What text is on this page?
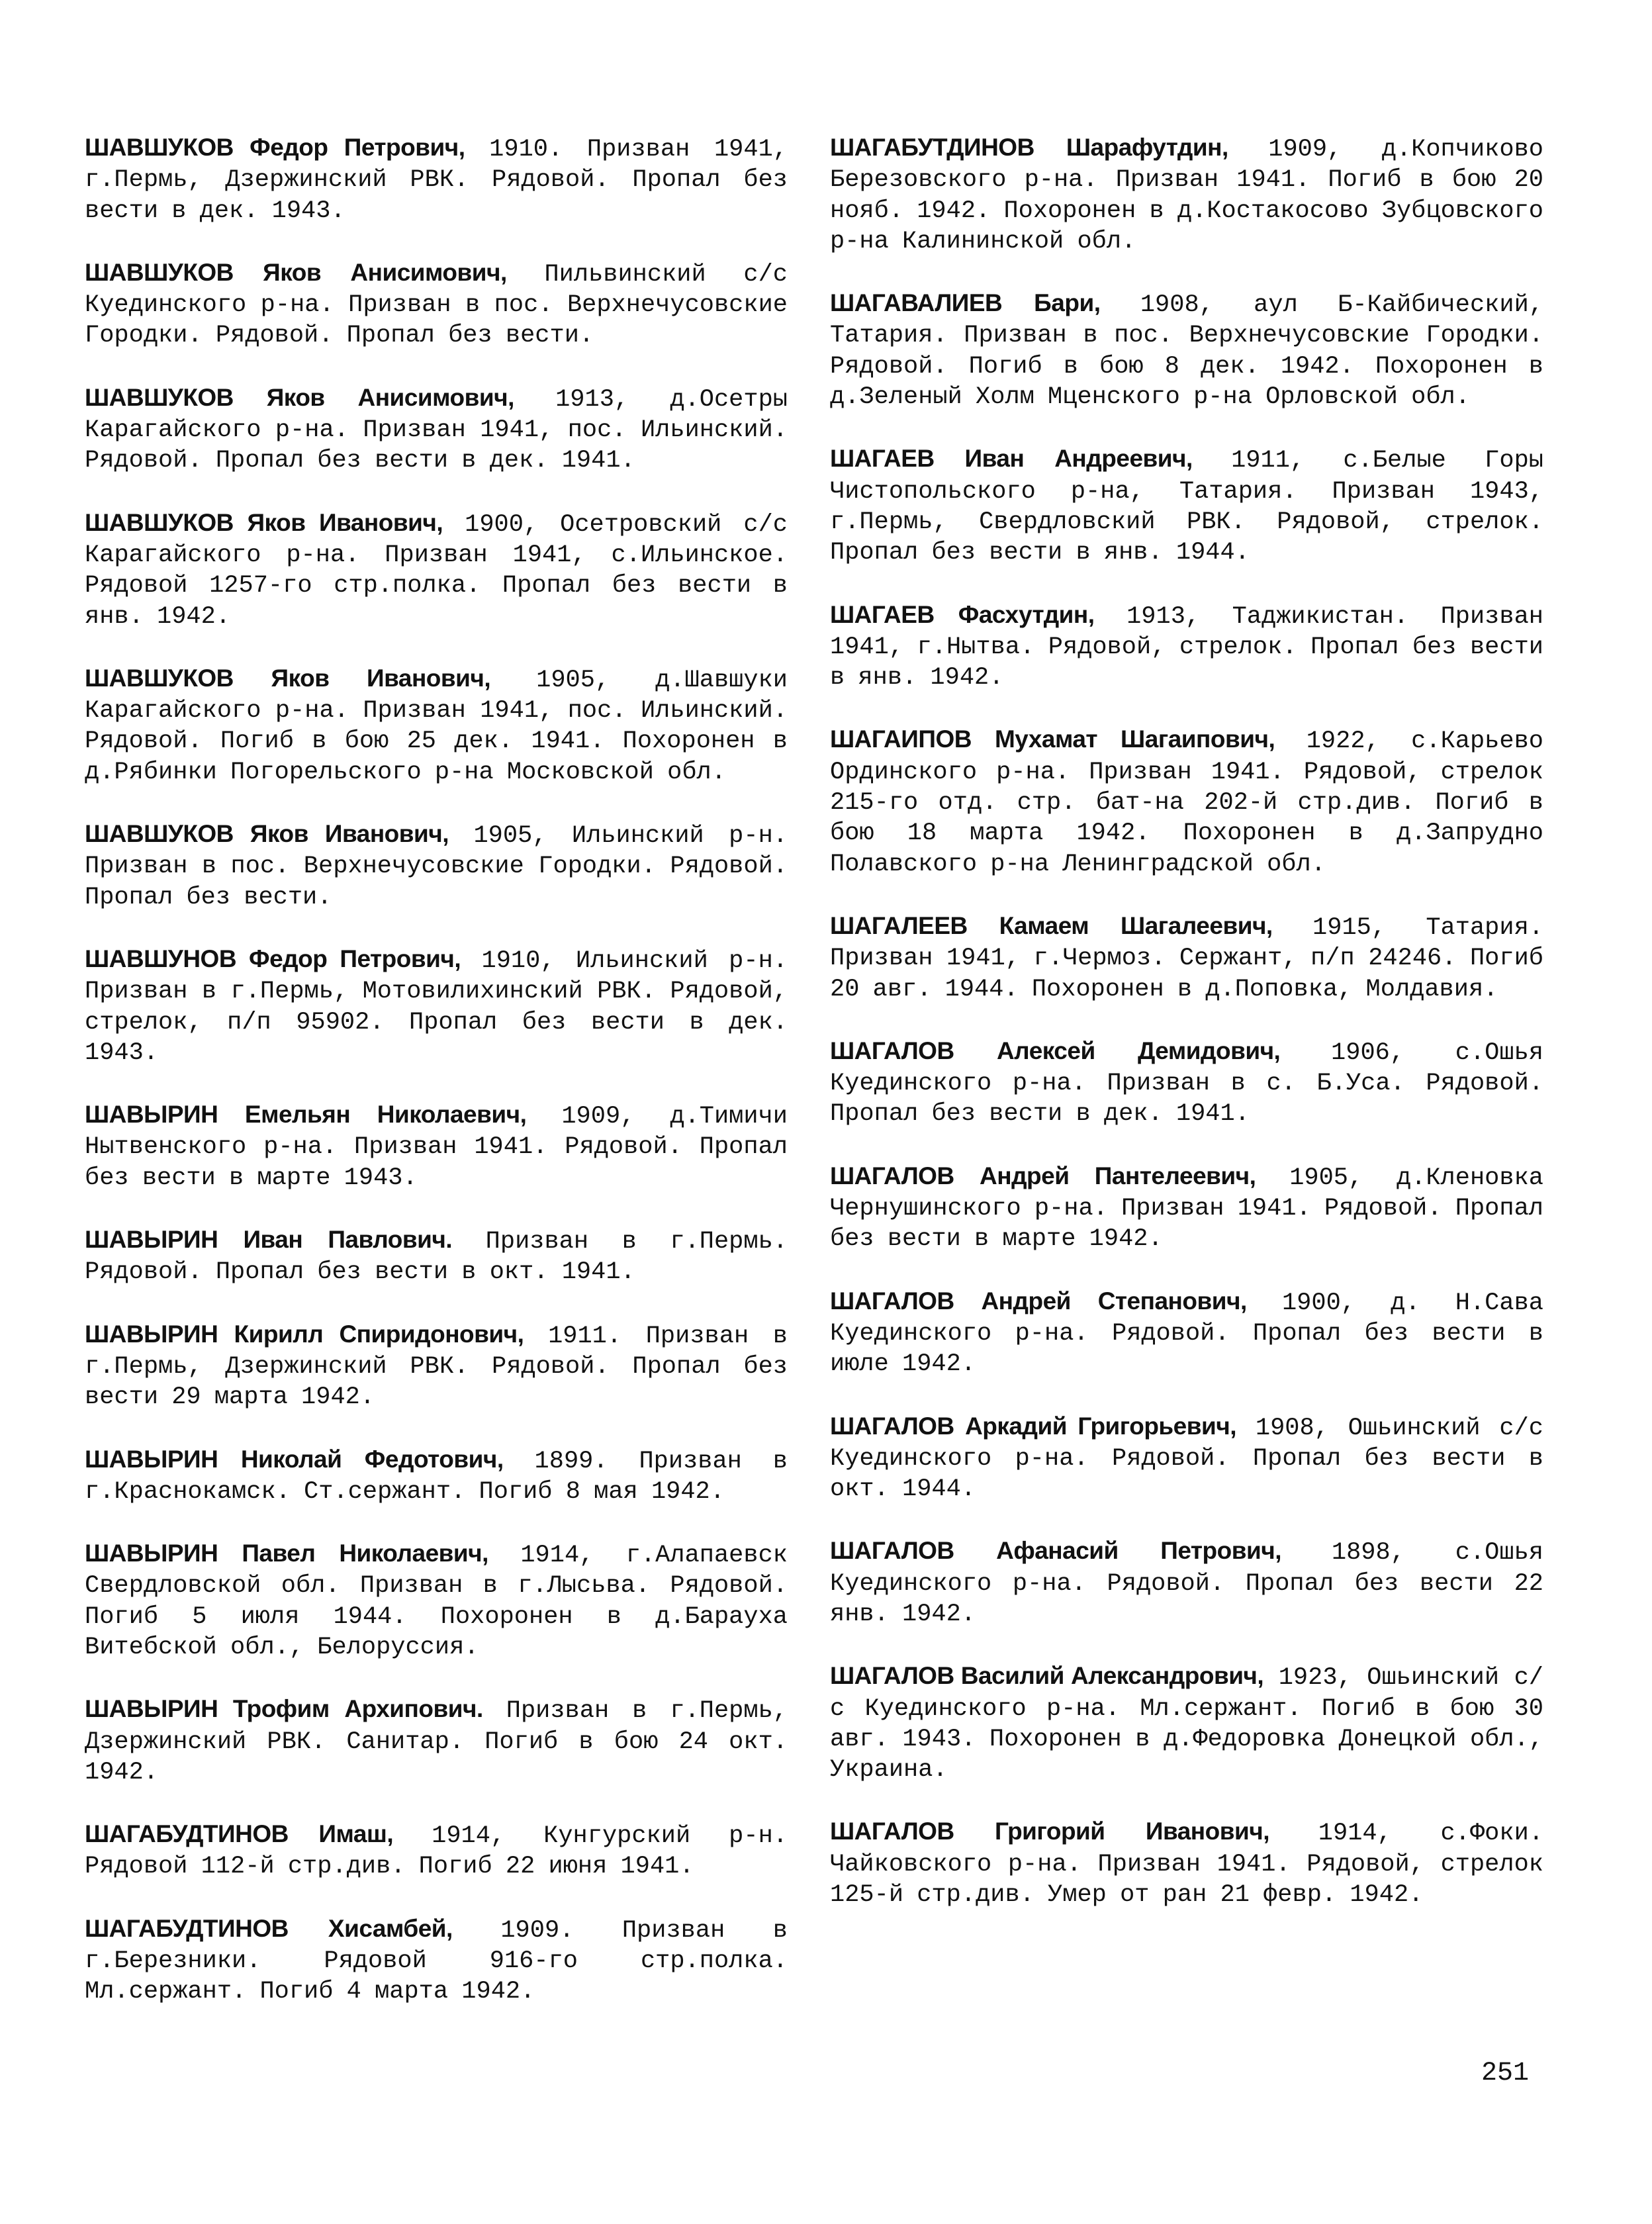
ШАВШУКОВ Федор Петрович, 1910. Призван 1941, г.Пермь, Дзержинский РВК. Рядовой. Пропал без вести в дек. 1943.

ШАВШУКОВ Яков Анисимович, Пильвинский с/с Куединского р-на. Призван в пос. Верхнечусовские Городки. Рядовой. Пропал без вести.

ШАВШУКОВ Яков Анисимович, 1913, д.Осетры Карагайского р-на. Призван 1941, пос. Ильинский. Рядовой. Пропал без вести в дек. 1941.

ШАВШУКОВ Яков Иванович, 1900, Осетровский с/с Карагайского р-на. Призван 1941, с.Ильинское. Рядовой 1257-го стр.полка. Пропал без вести в янв. 1942.

ШАВШУКОВ Яков Иванович, 1905, д.Шавшуки Карагайского р-на. Призван 1941, пос. Ильинский. Рядовой. Погиб в бою 25 дек. 1941. Похоронен в д.Рябинки Погорельского р-на Московской обл.

ШАВШУКОВ Яков Иванович, 1905, Ильинский р-н. Призван в пос. Верхнечусовские Городки. Рядовой. Пропал без вести.

ШАВШУНОВ Федор Петрович, 1910, Ильинский р-н. Призван в г.Пермь, Мотовилихинский РВК. Рядовой, стрелок, п/п 95902. Пропал без вести в дек. 1943.

ШАВЫРИН Емельян Николаевич, 1909, д.Тимичи Нытвенского р-на. Призван 1941. Рядовой. Пропал без вести в марте 1943.

ШАВЫРИН Иван Павлович. Призван в г.Пермь. Рядовой. Пропал без вести в окт. 1941.

ШАВЫРИН Кирилл Спиридонович, 1911. Призван в г.Пермь, Дзержинский РВК. Рядовой. Пропал без вести 29 марта 1942.

ШАВЫРИН Николай Федотович, 1899. Призван в г.Краснокамск. Ст.сержант. Погиб 8 мая 1942.

ШАВЫРИН Павел Николаевич, 1914, г.Алапаевск Свердловской обл. Призван в г.Лысьва. Рядовой. Погиб 5 июля 1944. Похоронен в д.Барауха Витебской обл., Белоруссия.

ШАВЫРИН Трофим Архипович. Призван в г.Пермь, Дзержинский РВК. Санитар. Погиб в бою 24 окт. 1942.

ШАГАБУДТИНОВ Имаш, 1914, Кунгурский р-н. Рядовой 112-й стр.див. Погиб 22 июня 1941.

ШАГАБУДТИНОВ Хисамбей, 1909. Призван в г.Березники. Рядовой 916-го стр.полка. Мл.сержант. Погиб 4 марта 1942.

ШАГАБУТДИНОВ Шарафутдин, 1909, д.Копчиково Березовского р-на. Призван 1941. Погиб в бою 20 нояб. 1942. Похоронен в д.Костакосово Зубцовского р-на Калининской обл.

ШАГАВАЛИЕВ Бари, 1908, аул Б-Кайбический, Татария. Призван в пос. Верхнечусовские Городки. Рядовой. Погиб в бою 8 дек. 1942. Похоронен в д.Зеленый Холм Мценского р-на Орловской обл.

ШАГАЕВ Иван Андреевич, 1911, с.Белые Горы Чистопольского р-на, Татария. Призван 1943, г.Пермь, Свердловский РВК. Рядовой, стрелок. Пропал без вести в янв. 1944.

ШАГАЕВ Фасхутдин, 1913, Таджикистан. Призван 1941, г.Нытва. Рядовой, стрелок. Пропал без вести в янв. 1942.

ШАГАИПОВ Мухамат Шагаипович, 1922, с.Карьево Ординского р-на. Призван 1941. Рядовой, стрелок 215-го отд. стр. бат-на 202-й стр.див. Погиб в бою 18 марта 1942. Похоронен в д.Запрудно Полавского р-на Ленинградской обл.

ШАГАЛЕЕВ Камаем Шагалеевич, 1915, Татария. Призван 1941, г.Чермоз. Сержант, п/п 24246. Погиб 20 авг. 1944. Похоронен в д.Поповка, Молдавия.

ШАГАЛОВ Алексей Демидович, 1906, с.Ошья Куединского р-на. Призван в с. Б.Уса. Рядовой. Пропал без вести в дек. 1941.

ШАГАЛОВ Андрей Пантелеевич, 1905, д.Кленовка Чернушинского р-на. Призван 1941. Рядовой. Пропал без вести в марте 1942.

ШАГАЛОВ Андрей Степанович, 1900, д. Н.Сава Куединского р-на. Рядовой. Пропал без вести в июле 1942.

ШАГАЛОВ Аркадий Григорьевич, 1908, Ошьинский с/с Куединского р-на. Рядовой. Пропал без вести в окт. 1944.

ШАГАЛОВ Афанасий Петрович, 1898, с.Ошья Куединского р-на. Рядовой. Пропал без вести 22 янв. 1942.

ШАГАЛОВ Василий Александрович, 1923, Ошьинский с/с Куединского р-на. Мл.сержант. Погиб в бою 30 авг. 1943. Похоронен в д.Федоровка Донецкой обл., Украина.

ШАГАЛОВ Григорий Иванович, 1914, с.Фоки. Чайковского р-на. Призван 1941. Рядовой, стрелок 125-й стр.див. Умер от ран 21 февр. 1942.

251
